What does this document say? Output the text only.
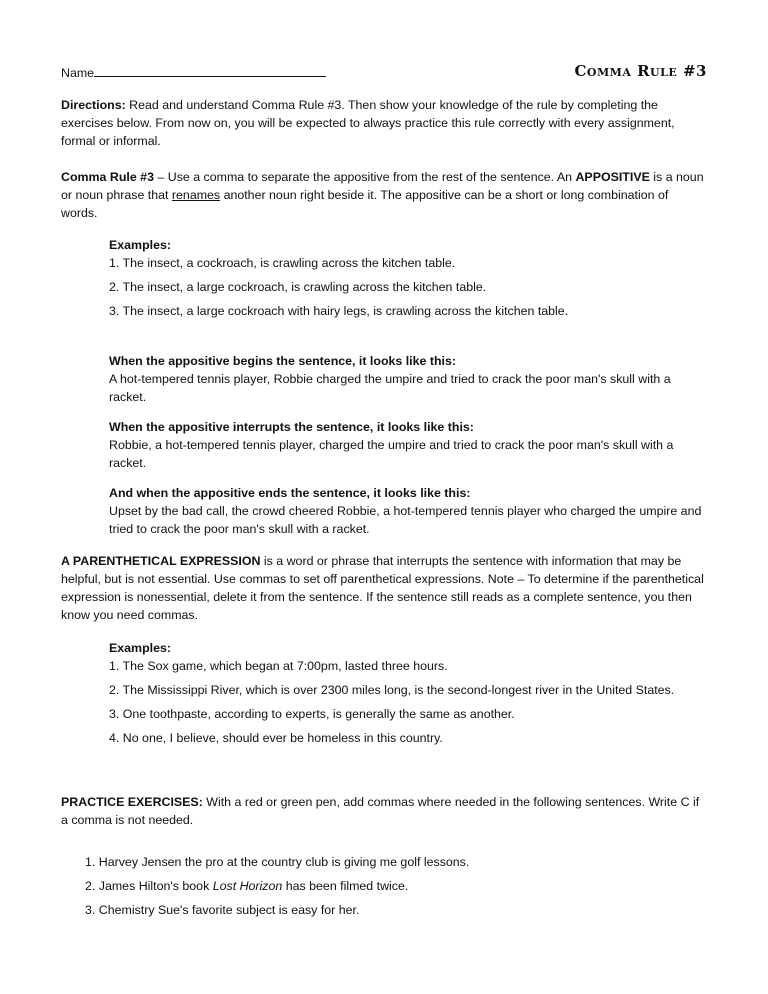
Name	Comma Rule #3

Directions: Read and understand Comma Rule #3. Then show your knowledge of the rule by completing the exercises below. From now on, you will be expected to always practice this rule correctly with every assignment, formal or informal.

Comma Rule #3 – Use a comma to separate the appositive from the rest of the sentence. An APPOSITIVE is a noun or noun phrase that renames another noun right beside it. The appositive can be a short or long combination of words.

Examples:
1. The insect, a cockroach, is crawling across the kitchen table.
2. The insect, a large cockroach, is crawling across the kitchen table.
3. The insect, a large cockroach with hairy legs, is crawling across the kitchen table.
When the appositive begins the sentence, it looks like this:
A hot-tempered tennis player, Robbie charged the umpire and tried to crack the poor man's skull with a racket.
When the appositive interrupts the sentence, it looks like this:
Robbie, a hot-tempered tennis player, charged the umpire and tried to crack the poor man's skull with a racket.
And when the appositive ends the sentence, it looks like this:
Upset by the bad call, the crowd cheered Robbie, a hot-tempered tennis player who charged the umpire and tried to crack the poor man's skull with a racket.

A PARENTHETICAL EXPRESSION is a word or phrase that interrupts the sentence with information that may be helpful, but is not essential. Use commas to set off parenthetical expressions. Note – To determine if the parenthetical expression is nonessential, delete it from the sentence. If the sentence still reads as a complete sentence, you then know you need commas.

Examples:
1. The Sox game, which began at 7:00pm, lasted three hours.
2. The Mississippi River, which is over 2300 miles long, is the second-longest river in the United States.
3. One toothpaste, according to experts, is generally the same as another.
4. No one, I believe, should ever be homeless in this country.

PRACTICE EXERCISES: With a red or green pen, add commas where needed in the following sentences. Write C if a comma is not needed.

1. Harvey Jensen the pro at the country club is giving me golf lessons.
2. James Hilton's book Lost Horizon has been filmed twice.
3. Chemistry Sue's favorite subject is easy for her.
